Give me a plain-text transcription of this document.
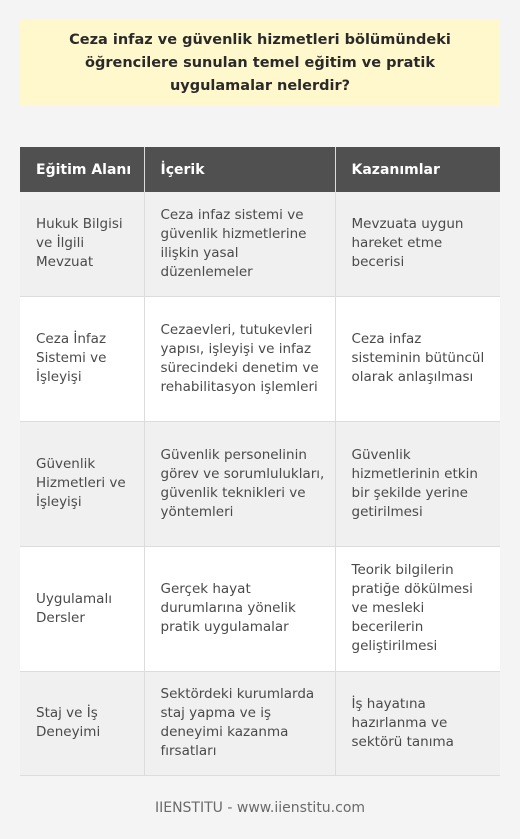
Ceza infaz ve güvenlik hizmetleri bölümündeki öğrencilere sunulan temel eğitim ve pratik uygulamalar nelerdir?
Eğitim Alanı	İçerik	Kazanımlar
Hukuk Bilgisi ve İlgili Mevzuat	Ceza infaz sistemi ve güvenlik hizmetlerine ilişkin yasal düzenlemeler	Mevzuata uygun hareket etme becerisi
Ceza İnfaz Sistemi ve İşleyişi	Cezaevleri, tutukevleri yapısı, işleyişi ve infaz sürecindeki denetim ve rehabilitasyon işlemleri	Ceza infaz sisteminin bütüncül olarak anlaşılması
Güvenlik Hizmetleri ve İşleyişi	Güvenlik personelinin görev ve sorumlulukları, güvenlik teknikleri ve yöntemleri	Güvenlik hizmetlerinin etkin bir şekilde yerine getirilmesi
Uygulamalı Dersler	Gerçek hayat durumlarına yönelik pratik uygulamalar	Teorik bilgilerin pratiğe dökülmesi ve mesleki becerilerin geliştirilmesi
Staj ve İş Deneyimi	Sektördeki kurumlarda staj yapma ve iş deneyimi kazanma fırsatları	İş hayatına hazırlanma ve sektörü tanıma
IIENSTITU - www.iienstitu.com
